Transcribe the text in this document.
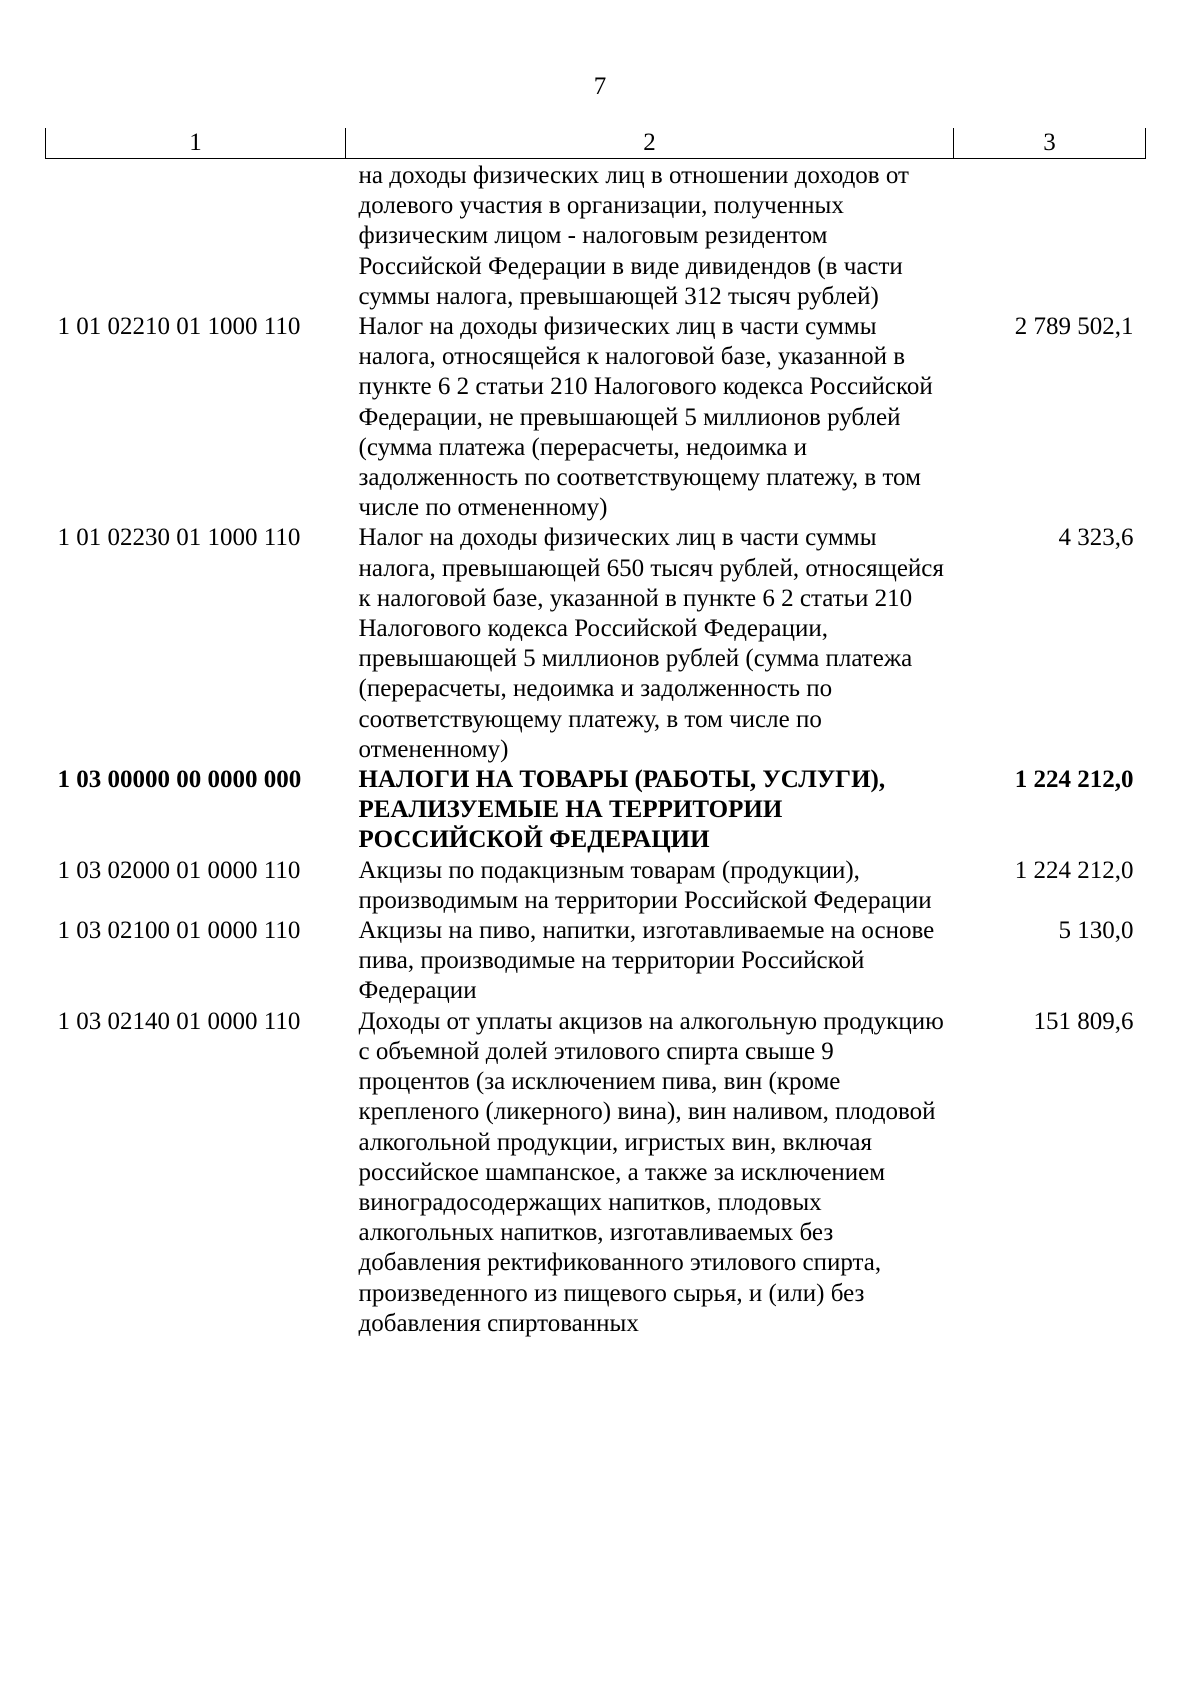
7
1	2	3
	на доходы физических лиц в отношении доходов от долевого участия в организации, полученных физическим лицом - налоговым резидентом Российской Федерации в виде дивидендов (в части суммы налога, превышающей 312 тысяч рублей)	
1 01 02210 01 1000 110	Налог на доходы физических лиц в части суммы налога, относящейся к налоговой базе, указанной в пункте 6 2 статьи 210 Налогового кодекса Российской Федерации, не превышающей 5 миллионов рублей (сумма платежа (перерасчеты, недоимка и задолженность по соответствующему платежу, в том числе по отмененному)	2 789 502,1
1 01 02230 01 1000 110	Налог на доходы физических лиц в части суммы налога, превышающей 650 тысяч рублей, относящейся к налоговой базе, указанной в пункте 6 2 статьи 210 Налогового кодекса Российской Федерации, превышающей 5 миллионов рублей (сумма платежа (перерасчеты, недоимка и задолженность по соответствующему платежу, в том числе по отмененному)	4 323,6
1 03 00000 00 0000 000	НАЛОГИ НА ТОВАРЫ (РАБОТЫ, УСЛУГИ), РЕАЛИЗУЕМЫЕ НА ТЕРРИТОРИИ РОССИЙСКОЙ ФЕДЕРАЦИИ	1 224 212,0
1 03 02000 01 0000 110	Акцизы по подакцизным товарам (продукции), производимым на территории Российской Федерации	1 224 212,0
1 03 02100 01 0000 110	Акцизы на пиво, напитки, изготавливаемые на основе пива, производимые на территории Российской Федерации	5 130,0
1 03 02140 01 0000 110	Доходы от уплаты акцизов на алкогольную продукцию с объемной долей этилового спирта свыше 9 процентов (за исключением пива, вин (кроме крепленого (ликерного) вина), вин наливом, плодовой алкогольной продукции, игристых вин, включая российское шампанское, а также за исключением виноградосодержащих напитков, плодовых алкогольных напитков, изготавливаемых без добавления ректификованного этилового спирта, произведенного из пищевого сырья, и (или) без добавления спиртованных	151 809,6
